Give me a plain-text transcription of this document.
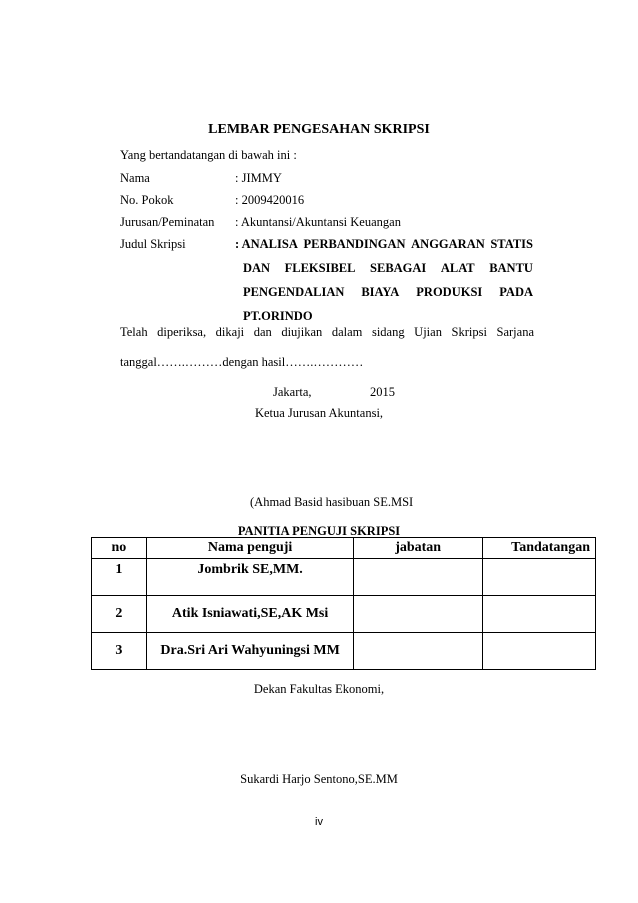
LEMBAR PENGESAHAN SKRIPSI
Yang bertandatangan di bawah ini :
Nama	: JIMMY
No. Pokok	: 2009420016
Jurusan/Peminatan : Akuntansi/Akuntansi Keuangan
Judul Skripsi	: ANALISA PERBANDINGAN ANGGARAN STATIS
DAN FLEKSIBEL SEBAGAI ALAT BANTU
PENGENDALIAN BIAYA PRODUKSI PADA
PT.ORINDO
Telah diperiksa, dikaji dan diujikan dalam sidang Ujian Skripsi Sarjana
tanggal…….………dengan hasil…….…………
Jakarta,	2015
Ketua Jurusan Akuntansi,
(Ahmad Basid hasibuan SE.MSI
PANITIA PENGUJI SKRIPSI
no	Nama penguji	jabatan	Tandatangan
1	Jombrik SE,MM.		
2	Atik Isniawati,SE,AK Msi		
3	Dra.Sri Ari Wahyuningsi MM		
Dekan Fakultas Ekonomi,
Sukardi Harjo Sentono,SE.MM
iv
